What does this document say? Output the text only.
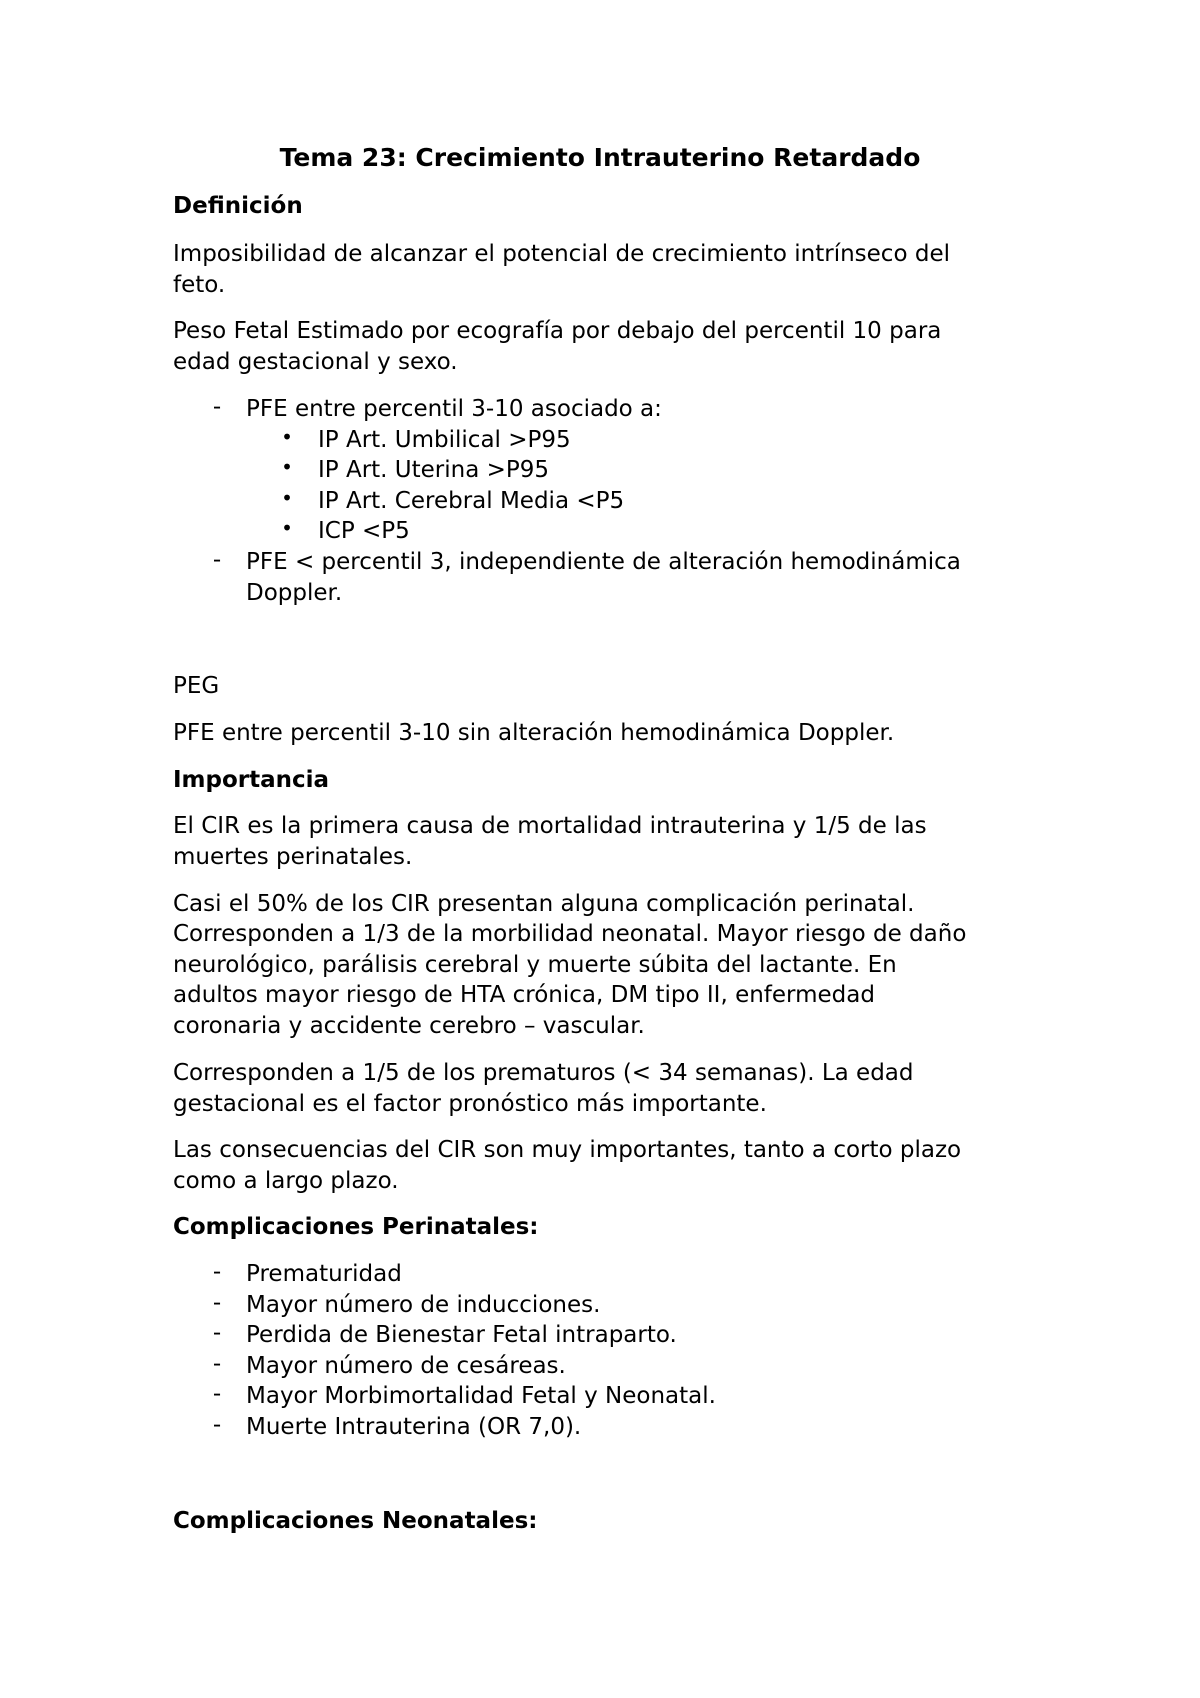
Tema 23: Crecimiento Intrauterino Retardado
Definición
Imposibilidad de alcanzar el potencial de crecimiento intrínseco del
feto.
Peso Fetal Estimado por ecografía por debajo del percentil 10 para
edad gestacional y sexo.
- PFE entre percentil 3-10 asociado a:
• IP Art. Umbilical >P95
• IP Art. Uterina >P95
• IP Art. Cerebral Media <P5
• ICP <P5
- PFE < percentil 3, independiente de alteración hemodinámica
Doppler.
PEG
PFE entre percentil 3-10 sin alteración hemodinámica Doppler.
Importancia
El CIR es la primera causa de mortalidad intrauterina y 1/5 de las
muertes perinatales.
Casi el 50% de los CIR presentan alguna complicación perinatal.
Corresponden a 1/3 de la morbilidad neonatal. Mayor riesgo de daño
neurológico, parálisis cerebral y muerte súbita del lactante. En
adultos mayor riesgo de HTA crónica, DM tipo II, enfermedad
coronaria y accidente cerebro – vascular.
Corresponden a 1/5 de los prematuros (< 34 semanas). La edad
gestacional es el factor pronóstico más importante.
Las consecuencias del CIR son muy importantes, tanto a corto plazo
como a largo plazo.
Complicaciones Perinatales:
- Prematuridad
- Mayor número de inducciones.
- Perdida de Bienestar Fetal intraparto.
- Mayor número de cesáreas.
- Mayor Morbimortalidad Fetal y Neonatal.
- Muerte Intrauterina (OR 7,0).
Complicaciones Neonatales:
